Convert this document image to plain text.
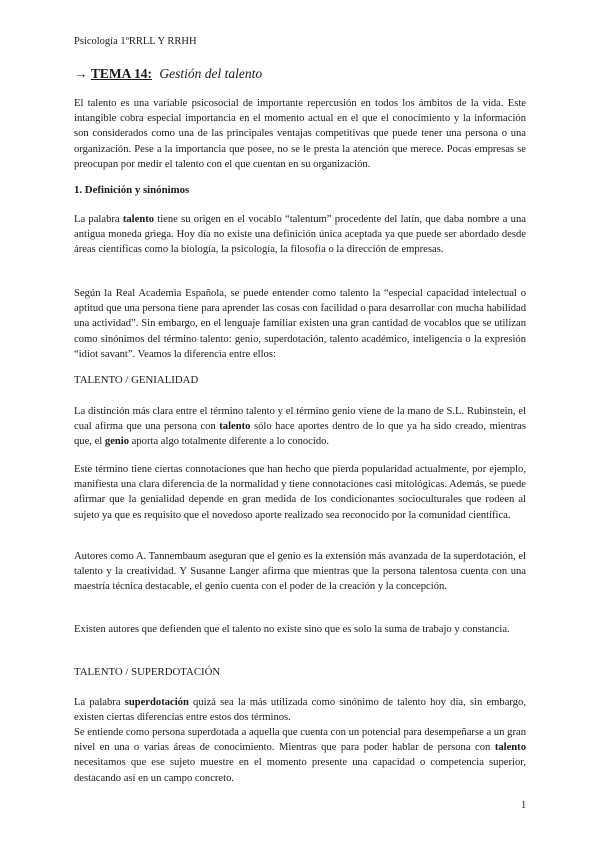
Psicología 1ºRRLL Y RRHH
→ TEMA 14: Gestión del talento

El talento es una variable psicosocial de importante repercusión en todos los ámbitos de la vida. Este intangible cobra especial importancia en el momento actual en el que el conocimiento y la información son considerados como una de las principales ventajas competitivas que puede tener una persona o una organización. Pese a la importancia que posee, no se le presta la atención que merece. Pocas empresas se preocupan por medir el talento con el que cuentan en su organización.

1. Definición y sinónimos

La palabra talento tiene su origen en el vocablo “talentum” procedente del latín, que daba nombre a una antigua moneda griega. Hoy día no existe una definición única aceptada ya que puede ser abordado desde áreas científicas como la biología, la psicología, la filosofía o la dirección de empresas.

Según la Real Academia Española, se puede entender como talento la “especial capacidad intelectual o aptitud que una persona tiene para aprender las cosas con facilidad o para desarrollar con mucha habilidad una actividad”. Sin embargo, en el lenguaje familiar existen una gran cantidad de vocablos que se utilizan como sinónimos del término talento: genio, superdotación, talento académico, inteligencia o la expresión “idiot savant”. Veamos la diferencia entre ellos:

TALENTO / GENIALIDAD

La distinción más clara entre el término talento y el término genio viene de la mano de S.L. Rubinstein, el cual afirma que una persona con talento sólo hace aportes dentro de lo que ya ha sido creado, mientras que, el genio aporta algo totalmente diferente a lo conocido.

Este término tiene ciertas connotaciones que han hecho que pierda popularidad actualmente, por ejemplo, manifiesta una clara diferencia de la normalidad y tiene connotaciones casi mitológicas. Además, se puede afirmar que la genialidad depende en gran medida de los condicionantes socioculturales que rodeen al sujeto ya que es requisito que el novedoso aporte realizado sea reconocido por la comunidad científica.

Autores como A. Tannembaum aseguran que el genio es la extensión más avanzada de la superdotación, el talento y la creatividad. Y Susanne Langer afirma que mientras que la persona talentosa cuenta con una maestría técnica destacable, el genio cuenta con el poder de la creación y la concepción.

Existen autores que defienden que el talento no existe sino que es solo la suma de trabajo y constancia.

TALENTO / SUPERDOTACIÓN

La palabra superdotación quizá sea la más utilizada como sinónimo de talento hoy día, sin embargo, existen ciertas diferencias entre estos dos términos.

Se entiende como persona superdotada a aquella que cuenta con un potencial para desempeñarse a un gran nivel en una o varias áreas de conocimiento. Mientras que para poder hablar de persona con talento necesitamos que ese sujeto muestre en el momento presente una capacidad o competencia superior, destacando así en un campo concreto.

1
